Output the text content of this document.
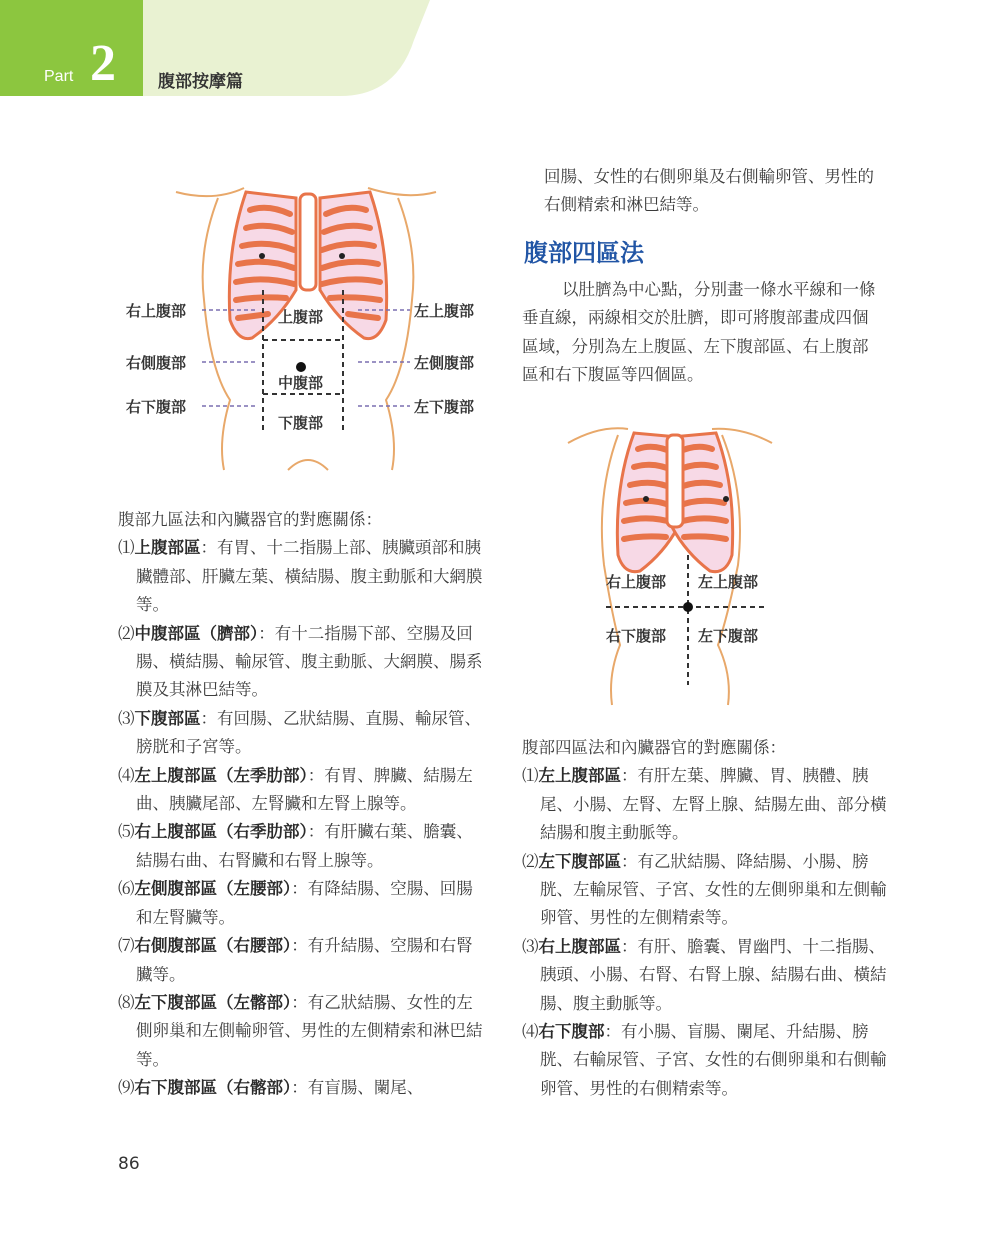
Part 2 腹部按摩篇
右上腹部	左上腹部
上腹部
右側腹部	左側腹部
中腹部
右下腹部	左下腹部
下腹部
回腸、女性的右側卵巢及右側輸卵管、男性的右側精索和淋巴結等。
腹部四區法
以肚臍為中心點，分別畫一條水平線和一條垂直線，兩線相交於肚臍，即可將腹部畫成四個區域，分別為左上腹區、左下腹部區、右上腹部區和右下腹區等四個區。
右上腹部 左上腹部
右下腹部 左下腹部

腹部九區法和內臟器官的對應關係：

⑴上腹部區：有胃、十二指腸上部、胰臟頭部和胰臟體部、肝臟左葉、橫結腸、腹主動脈和大網膜等。

⑵中腹部區（臍部）：有十二指腸下部、空腸及回腸、橫結腸、輸尿管、腹主動脈、大網膜、腸系膜及其淋巴結等。

⑶下腹部區：有回腸、乙狀結腸、直腸、輸尿管、膀胱和子宮等。

⑷左上腹部區（左季肋部）：有胃、脾臟、結腸左曲、胰臟尾部、左腎臟和左腎上腺等。

⑸右上腹部區（右季肋部）：有肝臟右葉、膽囊、結腸右曲、右腎臟和右腎上腺等。

⑹左側腹部區（左腰部）：有降結腸、空腸、回腸和左腎臟等。

⑺右側腹部區（右腰部）：有升結腸、空腸和右腎臟等。

⑻左下腹部區（左髂部）：有乙狀結腸、女性的左側卵巢和左側輸卵管、男性的左側精索和淋巴結等。

⑼右下腹部區（右髂部）：有盲腸、闌尾、

腹部四區法和內臟器官的對應關係：

⑴左上腹部區：有肝左葉、脾臟、胃、胰體、胰尾、小腸、左腎、左腎上腺、結腸左曲、部分橫結腸和腹主動脈等。

⑵左下腹部區：有乙狀結腸、降結腸、小腸、膀胱、左輸尿管、子宮、女性的左側卵巢和左側輸卵管、男性的左側精索等。

⑶右上腹部區：有肝、膽囊、胃幽門、十二指腸、胰頭、小腸、右腎、右腎上腺、結腸右曲、橫結腸、腹主動脈等。

⑷右下腹部：有小腸、盲腸、闌尾、升結腸、膀胱、右輸尿管、子宮、女性的右側卵巢和右側輸卵管、男性的右側精索等。

86
